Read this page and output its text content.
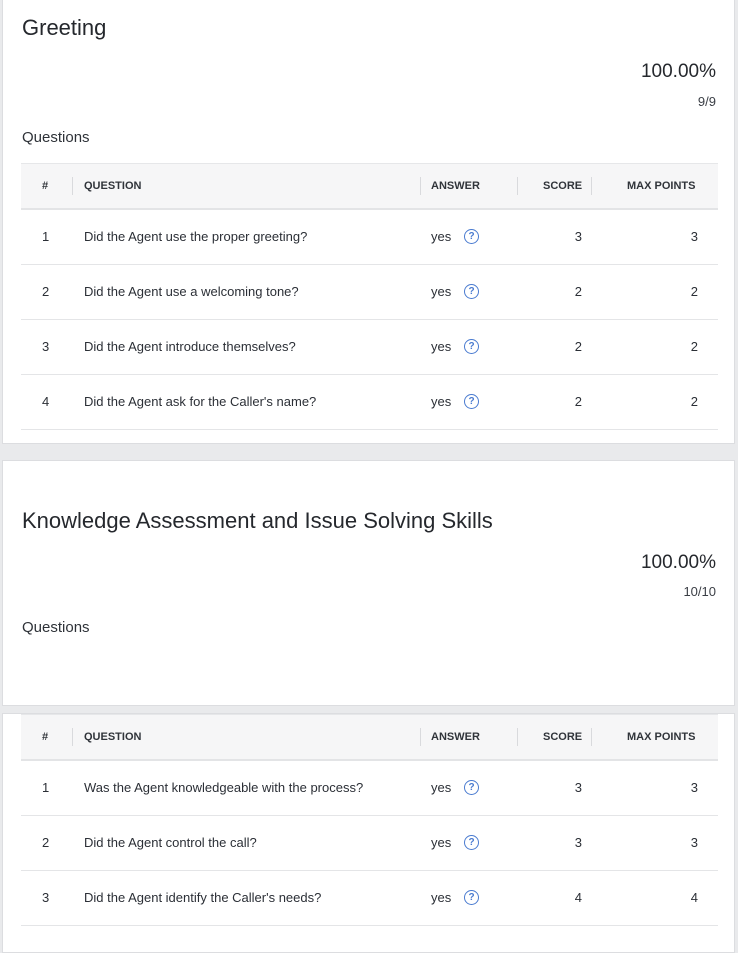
Greeting
100.00%
9/9
Questions
#	QUESTION	ANSWER	SCORE	MAX POINTS
1	Did the Agent use the proper greeting?	yes	?	3	3
2	Did the Agent use a welcoming tone?	yes	?	2	2
3	Did the Agent introduce themselves?	yes	?	2	2
4	Did the Agent ask for the Caller's name?	yes	?	2	2
Knowledge Assessment and Issue Solving Skills
100.00%
10/10
Questions
#	QUESTION	ANSWER	SCORE	MAX POINTS
1	Was the Agent knowledgeable with the process?	yes	?	3	3
2	Did the Agent control the call?	yes	?	3	3
3	Did the Agent identify the Caller's needs?	yes	?	4	4
